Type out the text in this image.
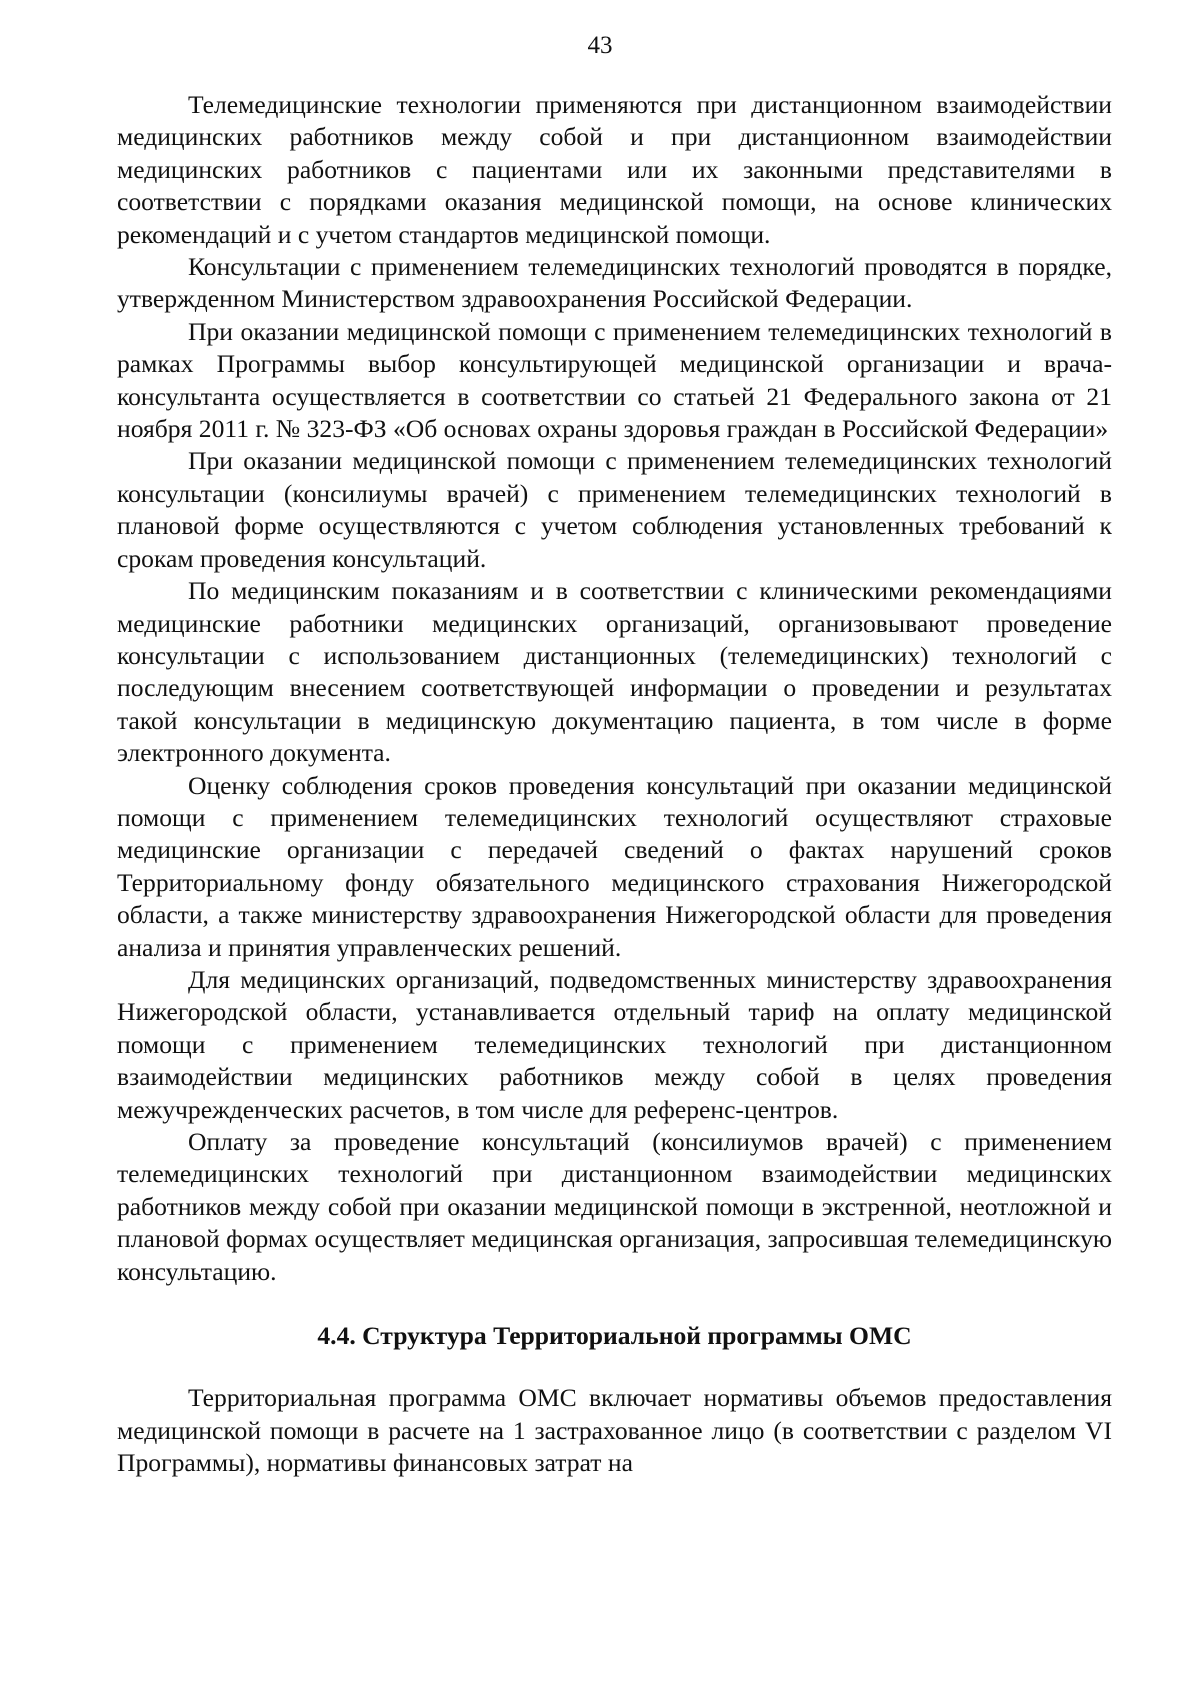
43

Телемедицинские технологии применяются при дистанционном взаимодействии медицинских работников между собой и при дистанционном взаимодействии медицинских работников с пациентами или их законными представителями в соответствии с порядками оказания медицинской помощи, на основе клинических рекомендаций и с учетом стандартов медицинской помощи.

Консультации с применением телемедицинских технологий проводятся в порядке, утвержденном Министерством здравоохранения Российской Федерации.

При оказании медицинской помощи с применением телемедицинских технологий в рамках Программы выбор консультирующей медицинской организации и врача-консультанта осуществляется в соответствии со статьей 21 Федерального закона от 21 ноября 2011 г. № 323-ФЗ «Об основах охраны здоровья граждан в Российской Федерации»

При оказании медицинской помощи с применением телемедицинских технологий консультации (консилиумы врачей) с применением телемедицинских технологий в плановой форме осуществляются с учетом соблюдения установленных требований к срокам проведения консультаций.

По медицинским показаниям и в соответствии с клиническими рекомендациями медицинские работники медицинских организаций, организовывают проведение консультации с использованием дистанционных (телемедицинских) технологий с последующим внесением соответствующей информации о проведении и результатах такой консультации в медицинскую документацию пациента, в том числе в форме электронного документа.

Оценку соблюдения сроков проведения консультаций при оказании медицинской помощи с применением телемедицинских технологий осуществляют страховые медицинские организации с передачей сведений о фактах нарушений сроков Территориальному фонду обязательного медицинского страхования Нижегородской области, а также министерству здравоохранения Нижегородской области для проведения анализа и принятия управленческих решений.

Для медицинских организаций, подведомственных министерству здравоохранения Нижегородской области, устанавливается отдельный тариф на оплату медицинской помощи с применением телемедицинских технологий при дистанционном взаимодействии медицинских работников между собой в целях проведения межучрежденческих расчетов, в том числе для референс-центров.

Оплату за проведение консультаций (консилиумов врачей) с применением телемедицинских технологий при дистанционном взаимодействии медицинских работников между собой при оказании медицинской помощи в экстренной, неотложной и плановой формах осуществляет медицинская организация, запросившая телемедицинскую консультацию.

4.4. Структура Территориальной программы ОМС

Территориальная программа ОМС включает нормативы объемов предоставления медицинской помощи в расчете на 1 застрахованное лицо (в соответствии с разделом VI Программы), нормативы финансовых затрат на
